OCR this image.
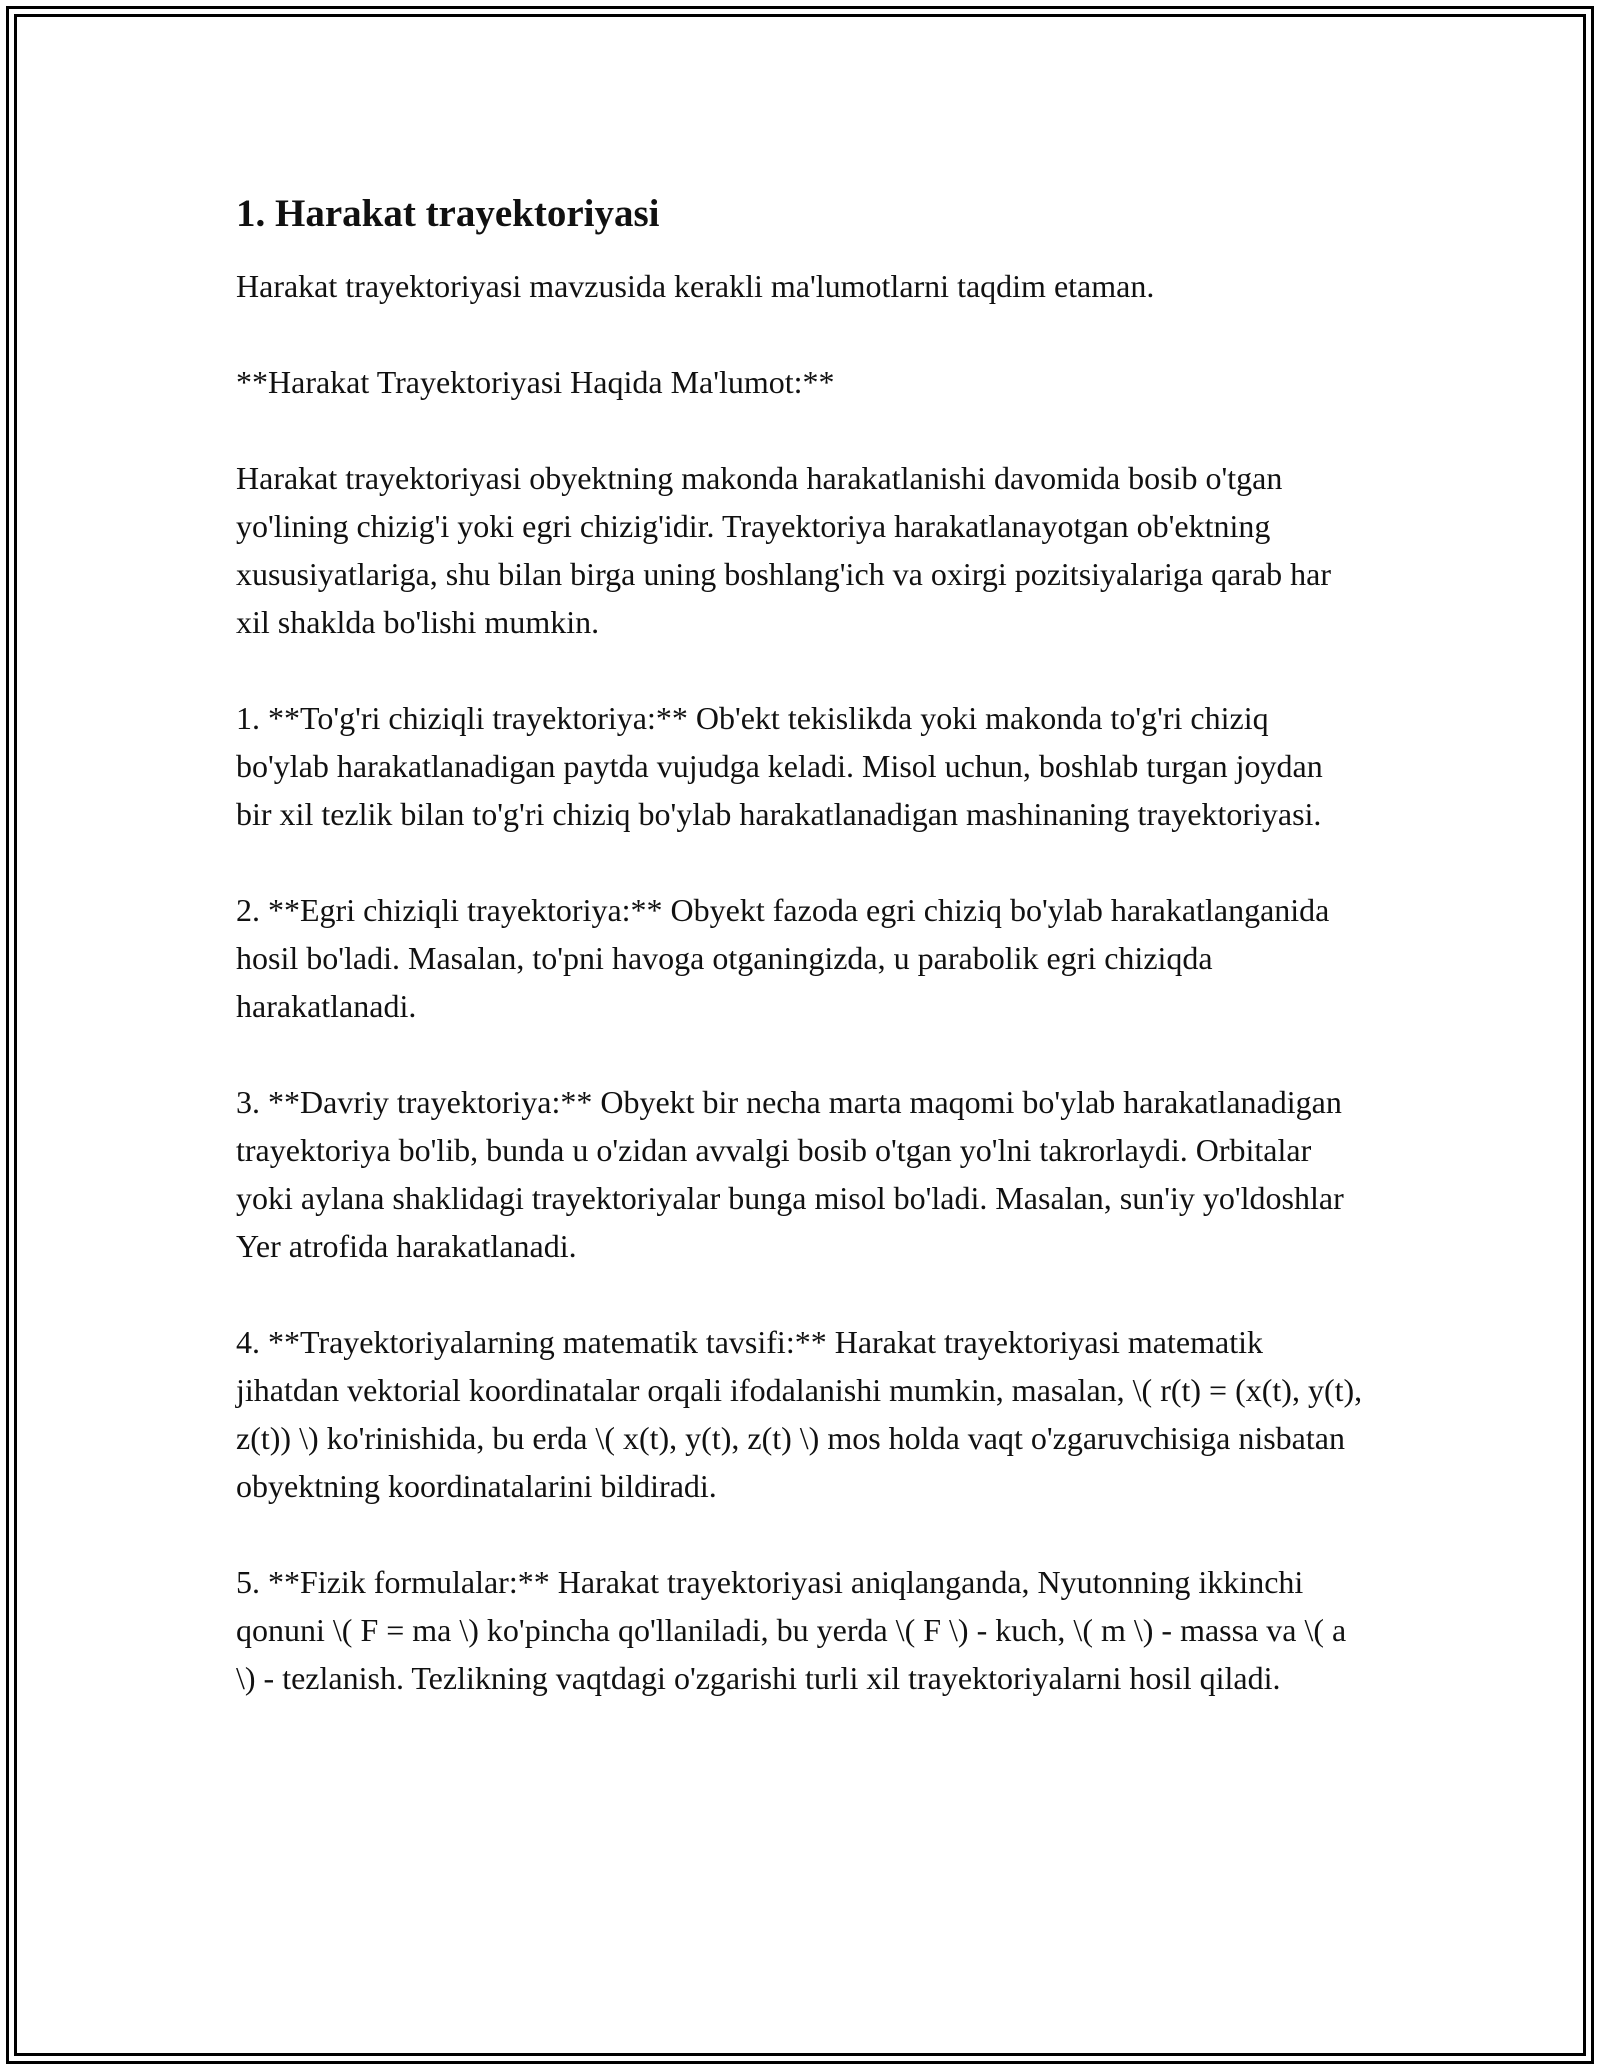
1. Harakat trayektoriyasi

Harakat trayektoriyasi mavzusida kerakli ma'lumotlarni taqdim etaman.

**Harakat Trayektoriyasi Haqida Ma'lumot:**

Harakat trayektoriyasi obyektning makonda harakatlanishi davomida bosib o'tgan yo'lining chizig'i yoki egri chizig'idir. Trayektoriya harakatlanayotgan ob'ektning xususiyatlariga, shu bilan birga uning boshlang'ich va oxirgi pozitsiyalariga qarab har xil shaklda bo'lishi mumkin.

1. **To'g'ri chiziqli trayektoriya:** Ob'ekt tekislikda yoki makonda to'g'ri chiziq bo'ylab harakatlanadigan paytda vujudga keladi. Misol uchun, boshlab turgan joydan bir xil tezlik bilan to'g'ri chiziq bo'ylab harakatlanadigan mashinaning trayektoriyasi.

2. **Egri chiziqli trayektoriya:** Obyekt fazoda egri chiziq bo'ylab harakatlanganida hosil bo'ladi. Masalan, to'pni havoga otganingizda, u parabolik egri chiziqda harakatlanadi.

3. **Davriy trayektoriya:** Obyekt bir necha marta maqomi bo'ylab harakatlanadigan trayektoriya bo'lib, bunda u o'zidan avvalgi bosib o'tgan yo'lni takrorlaydi. Orbitalar yoki aylana shaklidagi trayektoriyalar bunga misol bo'ladi. Masalan, sun'iy yo'ldoshlar Yer atrofida harakatlanadi.

4. **Trayektoriyalarning matematik tavsifi:** Harakat trayektoriyasi matematik jihatdan vektorial koordinatalar orqali ifodalanishi mumkin, masalan, \( r(t) = (x(t), y(t), z(t)) \) ko'rinishida, bu erda \( x(t), y(t), z(t) \) mos holda vaqt o'zgaruvchisiga nisbatan obyektning koordinatalarini bildiradi.

5. **Fizik formulalar:** Harakat trayektoriyasi aniqlanganda, Nyutonning ikkinchi qonuni \( F = ma \) ko'pincha qo'llaniladi, bu yerda \( F \) - kuch, \( m \) - massa va \( a \) - tezlanish. Tezlikning vaqtdagi o'zgarishi turli xil trayektoriyalarni hosil qiladi.
